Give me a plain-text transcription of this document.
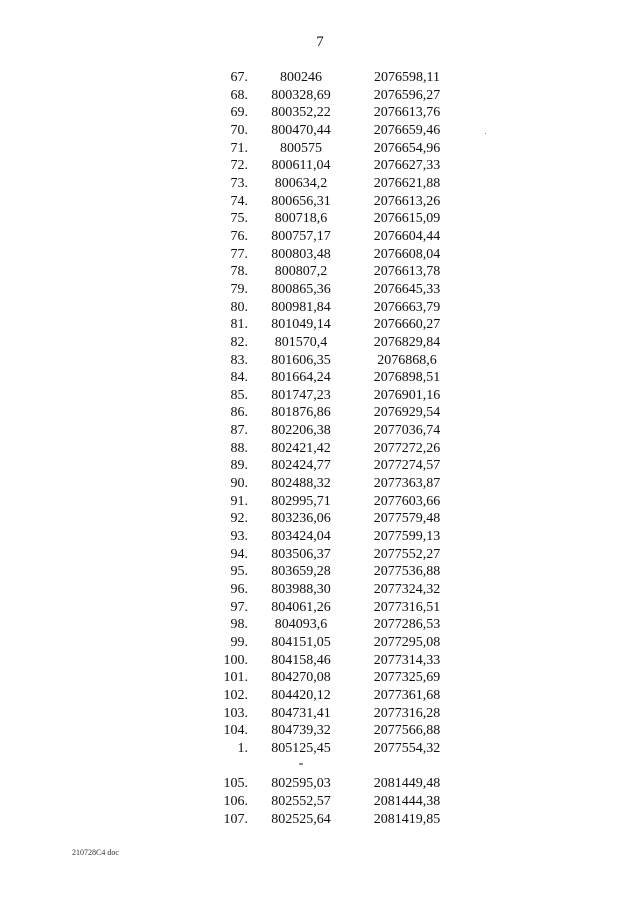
7
67.	800246	2076598,11
68.	800328,69	2076596,27
69.	800352,22	2076613,76
70.	800470,44	2076659,46
71.	800575	2076654,96
72.	800611,04	2076627,33
73.	800634,2	2076621,88
74.	800656,31	2076613,26
75.	800718,6	2076615,09
76.	800757,17	2076604,44
77.	800803,48	2076608,04
78.	800807,2	2076613,78
79.	800865,36	2076645,33
80.	800981,84	2076663,79
81.	801049,14	2076660,27
82.	801570,4	2076829,84
83.	801606,35	2076868,6
84.	801664,24	2076898,51
85.	801747,23	2076901,16
86.	801876,86	2076929,54
87.	802206,38	2077036,74
88.	802421,42	2077272,26
89.	802424,77	2077274,57
90.	802488,32	2077363,87
91.	802995,71	2077603,66
92.	803236,06	2077579,48
93.	803424,04	2077599,13
94.	803506,37	2077552,27
95.	803659,28	2077536,88
96.	803988,30	2077324,32
97.	804061,26	2077316,51
98.	804093,6	2077286,53
99.	804151,05	2077295,08
100.	804158,46	2077314,33
101.	804270,08	2077325,69
102.	804420,12	2077361,68
103.	804731,41	2077316,28
104.	804739,32	2077566,88
1.	805125,45	2077554,32
	-	
105.	802595,03	2081449,48
106.	802552,57	2081444,38
107.	802525,64	2081419,85
210728C4 doc
